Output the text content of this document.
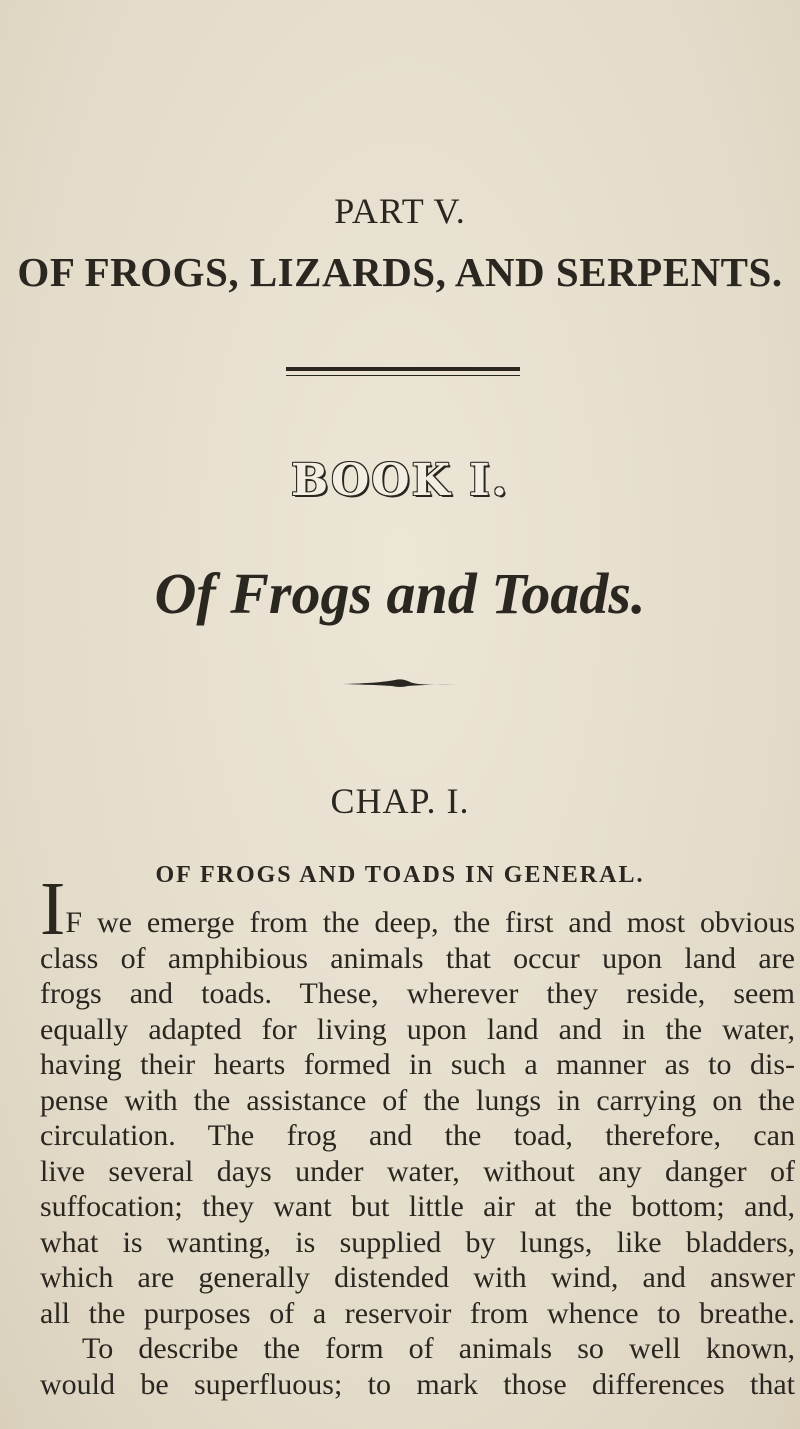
PART V.
OF FROGS, LIZARDS, AND SERPENTS.
BOOK I.
Of Frogs and Toads.
CHAP. I.
OF FROGS AND TOADS IN GENERAL.
IF we emerge from the deep, the first and most obvious
class of amphibious animals that occur upon land are
frogs and toads. These, wherever they reside, seem
equally adapted for living upon land and in the water,
having their hearts formed in such a manner as to dis-
pense with the assistance of the lungs in carrying on the
circulation. The frog and the toad, therefore, can
live several days under water, without any danger of
suffocation; they want but little air at the bottom; and,
what is wanting, is supplied by lungs, like bladders,
which are generally distended with wind, and answer
all the purposes of a reservoir from whence to breathe.
To describe the form of animals so well known,
would be superfluous; to mark those differences that
